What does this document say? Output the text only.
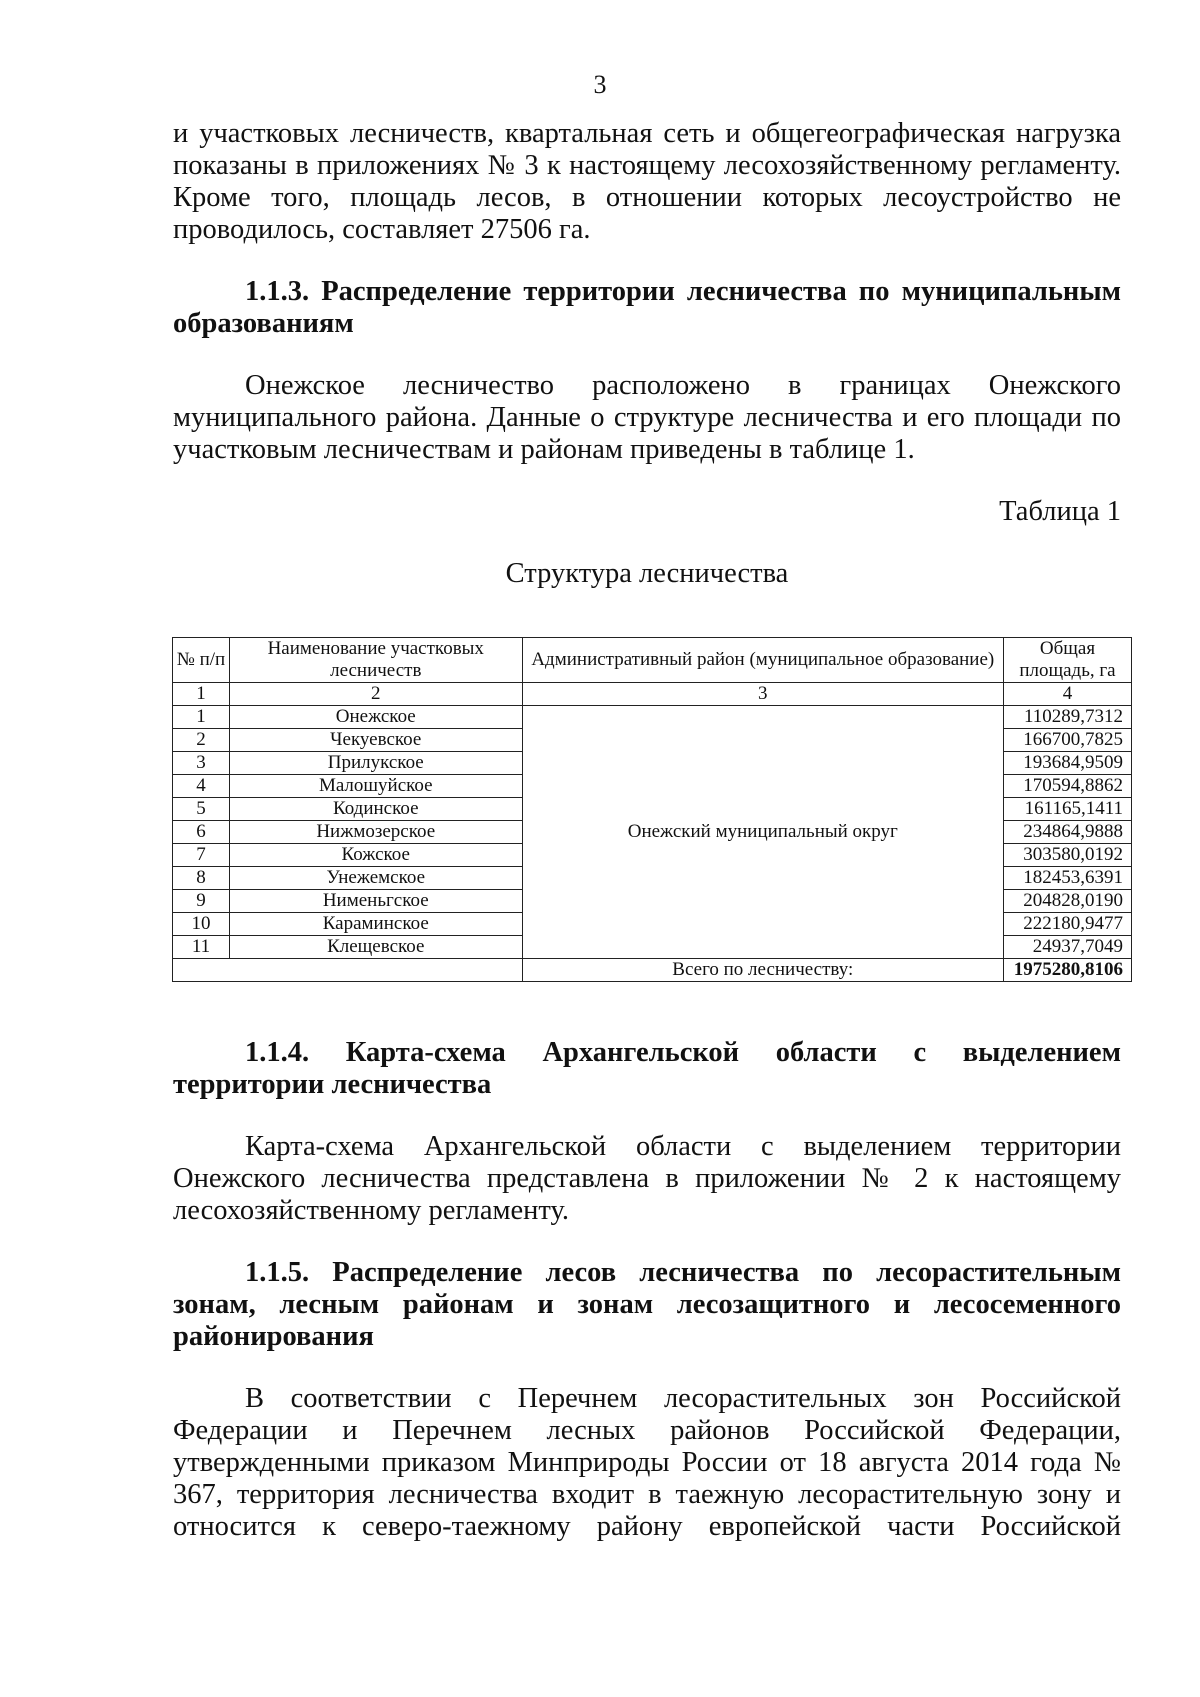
3

и участковых лесничеств, квартальная сеть и общегеографическая нагрузка показаны в приложениях № 3 к настоящему лесохозяйственному регламенту. Кроме того, площадь лесов, в отношении которых лесоустройство не проводилось, составляет 27506 га.

1.1.3. Распределение территории лесничества по муниципальным образованиям

Онежское лесничество расположено в границах Онежского муниципального района. Данные о структуре лесничества и его площади по участковым лесничествам и районам приведены в таблице 1.

Таблица 1

Структура лесничества

№ п/п	Наименование участковых лесничеств	Административный район (муниципальное образование)	Общая площадь, га
1	2	3	4
1	Онежское	Онежский муниципальный округ	110289,7312
2	Чекуевское		166700,7825
3	Прилукское		193684,9509
4	Малошуйское		170594,8862
5	Кодинское		161165,1411
6	Нижмозерское		234864,9888
7	Кожское		303580,0192
8	Унежемское		182453,6391
9	Нименьгское		204828,0190
10	Караминское		222180,9477
11	Клещевское		24937,7049
		Всего по лесничеству:	1975280,8106

1.1.4. Карта-схема Архангельской области с выделением территории лесничества

Карта-схема Архангельской области с выделением территории Онежского лесничества представлена в приложении № 2 к настоящему лесохозяйственному регламенту.

1.1.5. Распределение лесов лесничества по лесорастительным зонам, лесным районам и зонам лесозащитного и лесосеменного районирования

В соответствии с Перечнем лесорастительных зон Российской Федерации и Перечнем лесных районов Российской Федерации, утвержденными приказом Минприроды России от 18 августа 2014 года № 367, территория лесничества входит в таежную лесорастительную зону и относится к северо-таежному району европейской части Российской
